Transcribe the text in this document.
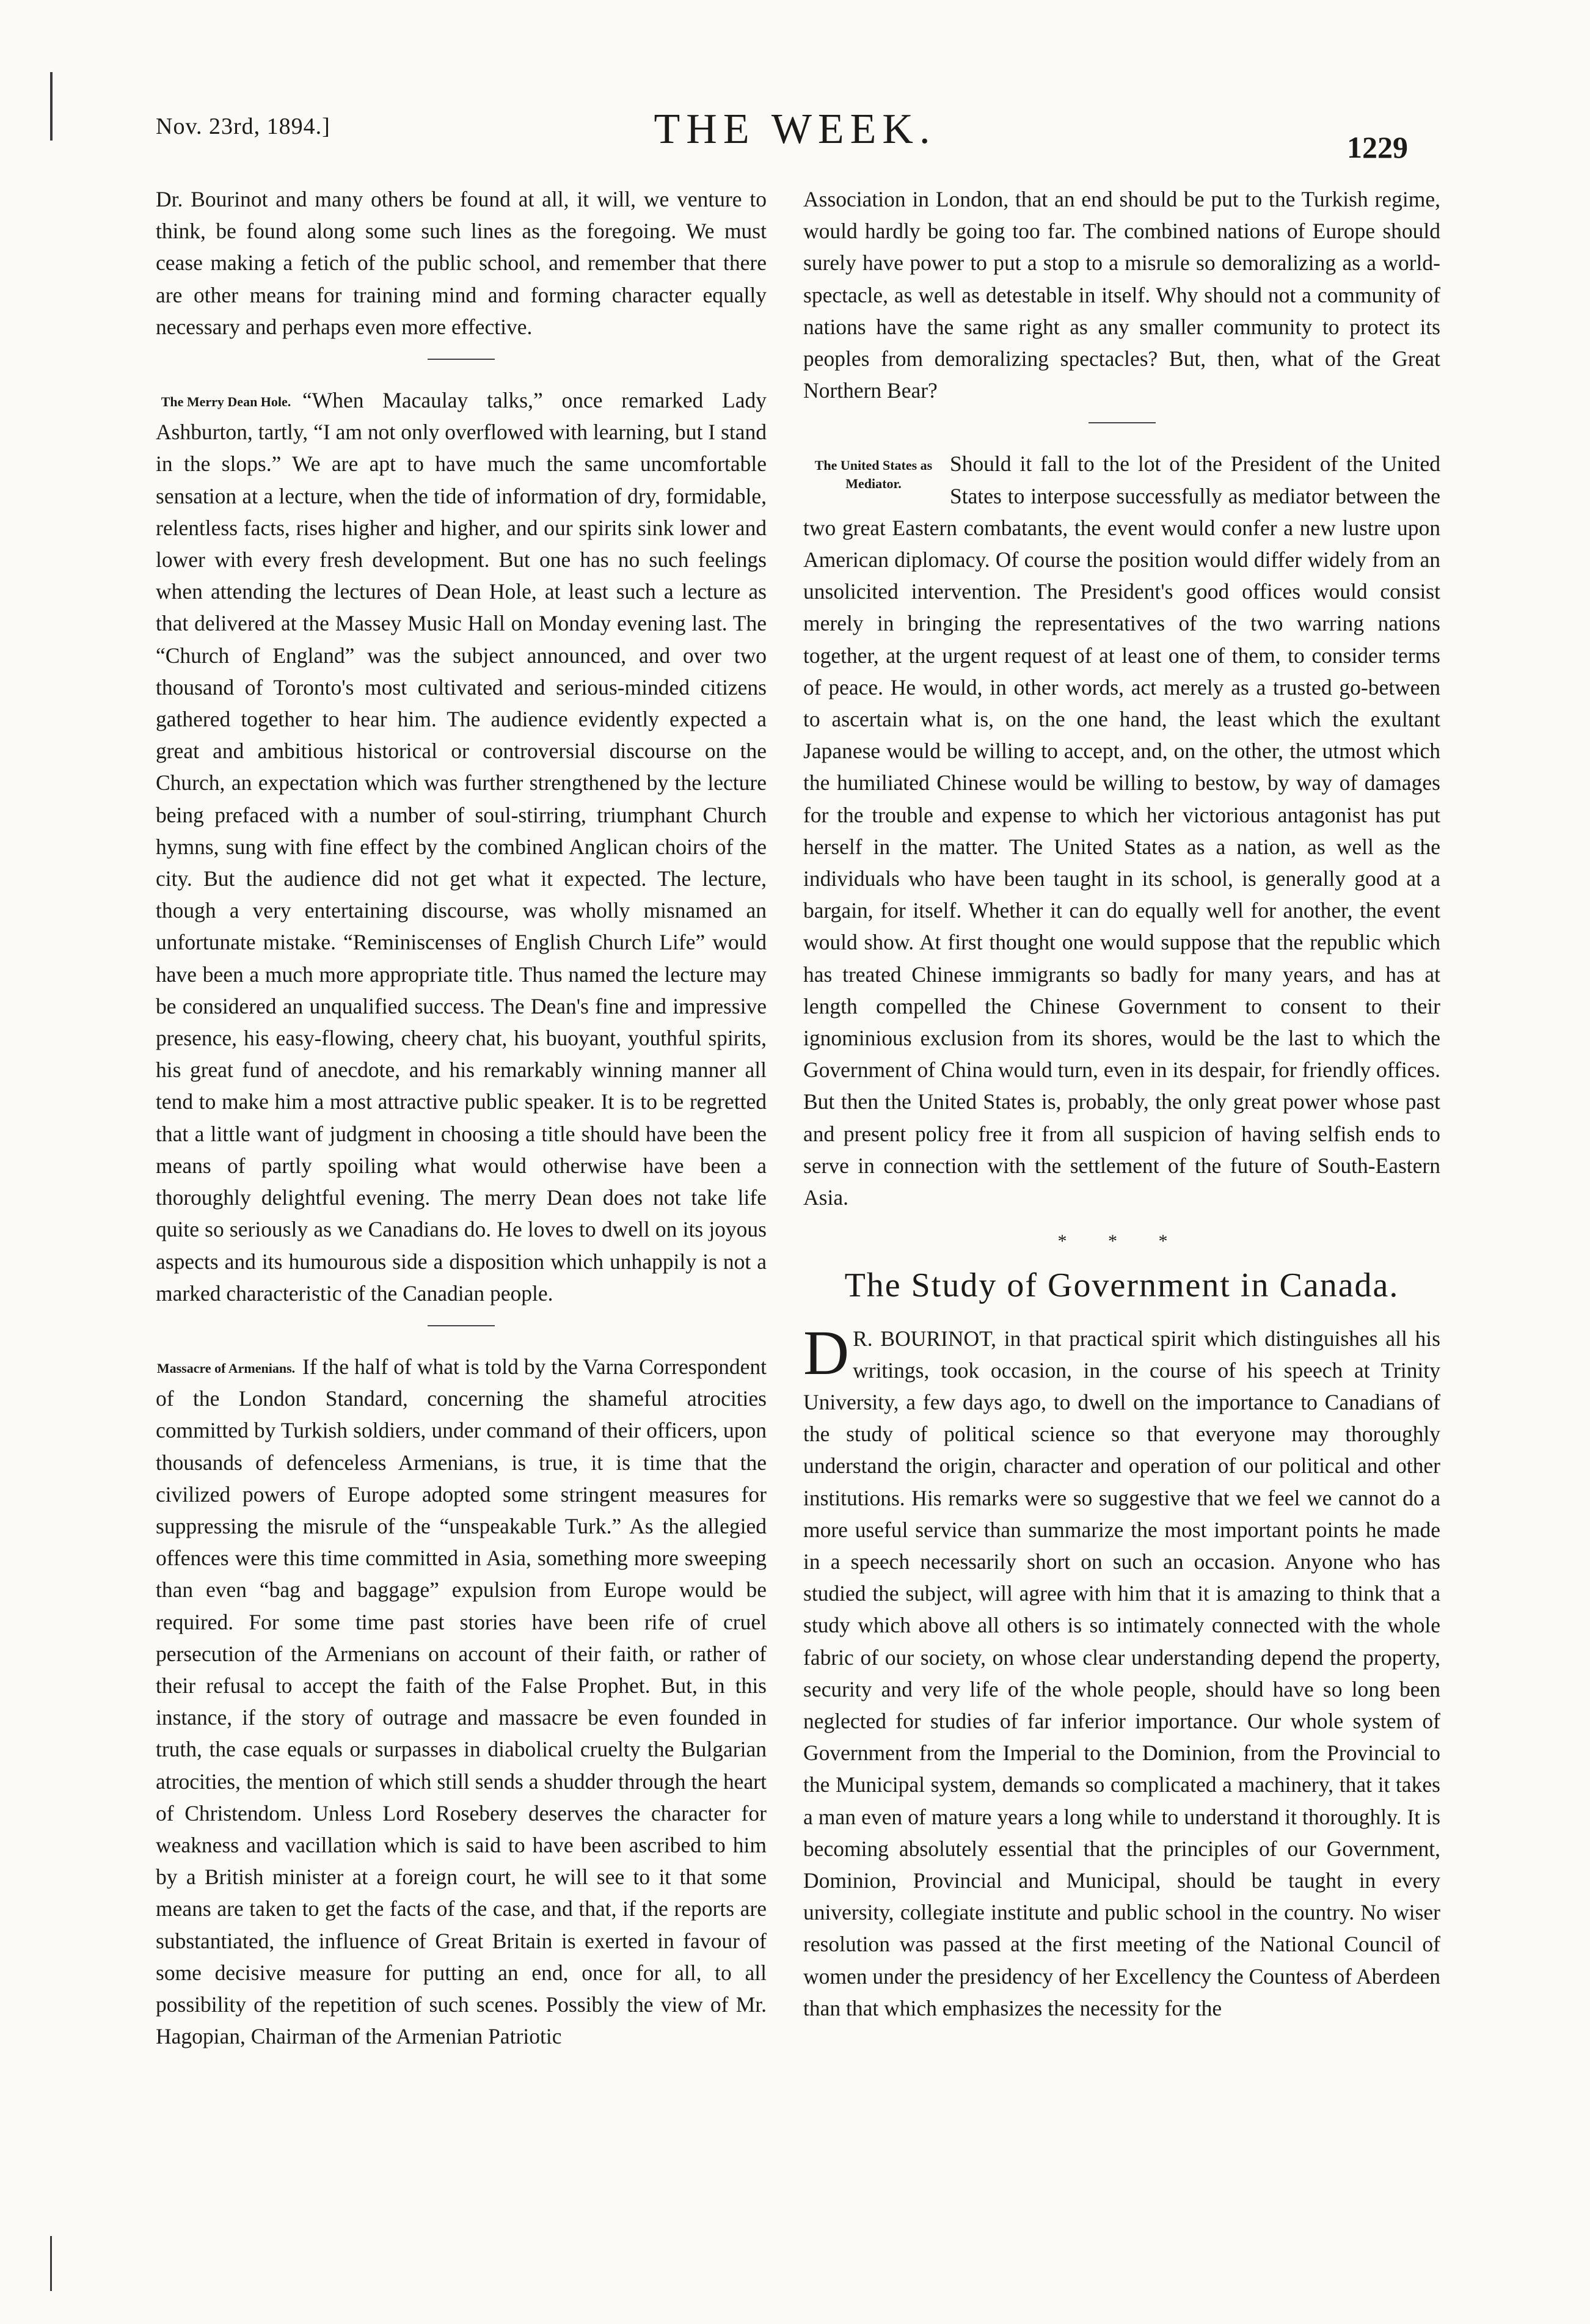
Nov. 23rd, 1894.]	THE WEEK.	1229

Dr. Bourinot and many others be found at all, it will, we venture to think, be found along some such lines as the foregoing. We must cease making a fetich of the public school, and remember that there are other means for training mind and forming character equally necessary and perhaps even more effective.

The Merry Dean Hole. “When Macaulay talks,” once remarked Lady Ashburton, tartly, “I am not only overflowed with learning, but I stand in the slops.” We are apt to have much the same uncomfortable sensation at a lecture, when the tide of information of dry, formidable, relentless facts, rises higher and higher, and our spirits sink lower and lower with every fresh development. But one has no such feelings when attending the lectures of Dean Hole, at least such a lecture as that delivered at the Massey Music Hall on Monday evening last. The “Church of England” was the subject announced, and over two thousand of Toronto's most cultivated and serious-minded citizens gathered together to hear him. The audience evidently expected a great and ambitious historical or controversial discourse on the Church, an expectation which was further strengthened by the lecture being prefaced with a number of soul-stirring, triumphant Church hymns, sung with fine effect by the combined Anglican choirs of the city. But the audience did not get what it expected. The lecture, though a very entertaining discourse, was wholly misnamed an unfortunate mistake. “Reminiscenses of English Church Life” would have been a much more appropriate title. Thus named the lecture may be considered an unqualified success. The Dean's fine and impressive presence, his easy-flowing, cheery chat, his buoyant, youthful spirits, his great fund of anecdote, and his remarkably winning manner all tend to make him a most attractive public speaker. It is to be regretted that a little want of judgment in choosing a title should have been the means of partly spoiling what would otherwise have been a thoroughly delightful evening. The merry Dean does not take life quite so seriously as we Canadians do. He loves to dwell on its joyous aspects and its humourous side a disposition which unhappily is not a marked characteristic of the Canadian people.

Massacre of Armenians. If the half of what is told by the Varna Correspondent of the London Standard, concerning the shameful atrocities committed by Turkish soldiers, under command of their officers, upon thousands of defenceless Armenians, is true, it is time that the civilized powers of Europe adopted some stringent measures for suppressing the misrule of the “unspeakable Turk.” As the allegied offences were this time committed in Asia, something more sweeping than even “bag and baggage” expulsion from Europe would be required. For some time past stories have been rife of cruel persecution of the Armenians on account of their faith, or rather of their refusal to accept the faith of the False Prophet. But, in this instance, if the story of outrage and massacre be even founded in truth, the case equals or surpasses in diabolical cruelty the Bulgarian atrocities, the mention of which still sends a shudder through the heart of Christendom. Unless Lord Rosebery deserves the character for weakness and vacillation which is said to have been ascribed to him by a British minister at a foreign court, he will see to it that some means are taken to get the facts of the case, and that, if the reports are substantiated, the influence of Great Britain is exerted in favour of some decisive measure for putting an end, once for all, to all possibility of the repetition of such scenes. Possibly the view of Mr. Hagopian, Chairman of the Armenian Patriotic

Association in London, that an end should be put to the Turkish regime, would hardly be going too far. The combined nations of Europe should surely have power to put a stop to a misrule so demoralizing as a world-spectacle, as well as detestable in itself. Why should not a community of nations have the same right as any smaller community to protect its peoples from demoralizing spectacles? But, then, what of the Great Northern Bear?

The United States as Mediator.

Should it fall to the lot of the President of the United States to interpose successfully as mediator between the two great Eastern combatants, the event would confer a new lustre upon American diplomacy. Of course the position would differ widely from an unsolicited intervention. The President's good offices would consist merely in bringing the representatives of the two warring nations together, at the urgent request of at least one of them, to consider terms of peace. He would, in other words, act merely as a trusted go-between to ascertain what is, on the one hand, the least which the exultant Japanese would be willing to accept, and, on the other, the utmost which the humiliated Chinese would be willing to bestow, by way of damages for the trouble and expense to which her victorious antagonist has put herself in the matter. The United States as a nation, as well as the individuals who have been taught in its school, is generally good at a bargain, for itself. Whether it can do equally well for another, the event would show. At first thought one would suppose that the republic which has treated Chinese immigrants so badly for many years, and has at length compelled the Chinese Government to consent to their ignominious exclusion from its shores, would be the last to which the Government of China would turn, even in its despair, for friendly offices. But then the United States is, probably, the only great power whose past and present policy free it from all suspicion of having selfish ends to serve in connection with the settlement of the future of South-Eastern Asia.

* * *
The Study of Government in Canada.
D R. BOURINOT, in that practical spirit which distinguishes all his writings, took occasion, in the course of his speech at Trinity University, a few days ago, to dwell on the importance to Canadians of the study of political science so that everyone may thoroughly understand the origin, character and operation of our political and other institutions. His remarks were so suggestive that we feel we cannot do a more useful service than summarize the most important points he made in a speech necessarily short on such an occasion. Anyone who has studied the subject, will agree with him that it is amazing to think that a study which above all others is so intimately connected with the whole fabric of our society, on whose clear understanding depend the property, security and very life of the whole people, should have so long been neglected for studies of far inferior importance. Our whole system of Government from the Imperial to the Dominion, from the Provincial to the Municipal system, demands so complicated a machinery, that it takes a man even of mature years a long while to understand it thoroughly. It is becoming absolutely essential that the principles of our Government, Dominion, Provincial and Municipal, should be taught in every university, collegiate institute and public school in the country. No wiser resolution was passed at the first meeting of the National Council of women under the presidency of her Excellency the Countess of Aberdeen than that which emphasizes the necessity for the
